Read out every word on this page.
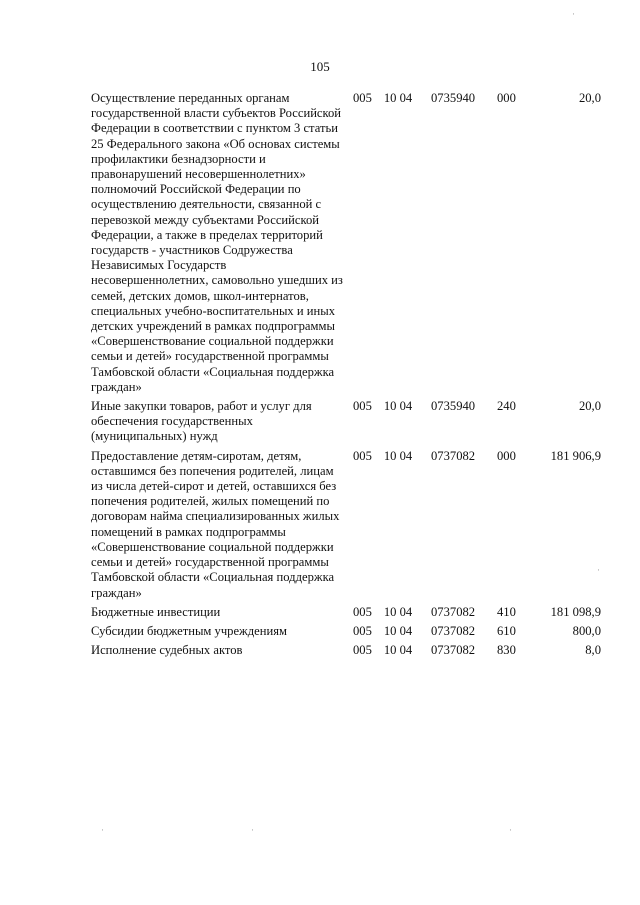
105
Осуществление переданных органам государственной власти субъектов Российской Федерации в соответствии с пунктом 3 статьи 25 Федерального закона «Об основах системы профилактики безнадзорности и правонарушений несовершеннолетних» полномочий Российской Федерации по осуществлению деятельности, связанной с перевозкой между субъектами Российской Федерации, а также в пределах территорий государств - участников Содружества Независимых Государств несовершеннолетних, самовольно ушедших из семей, детских домов, школ-интернатов, специальных учебно-воспитательных и иных детских учреждений в рамках подпрограммы «Совершенствование социальной поддержки семьи и детей» государственной программы Тамбовской области «Социальная поддержка граждан»	005	10 04	0735940	000	20,0
Иные закупки товаров, работ и услуг для обеспечения государственных (муниципальных) нужд	005	10 04	0735940	240	20,0
Предоставление детям-сиротам, детям, оставшимся без попечения родителей, лицам из числа детей-сирот и детей, оставшихся без попечения родителей, жилых помещений по договорам найма специализированных жилых помещений в рамках подпрограммы «Совершенствование социальной поддержки семьи и детей» государственной программы Тамбовской области «Социальная поддержка граждан»	005	10 04	0737082	000	181 906,9
Бюджетные инвестиции	005	10 04	0737082	410	181 098,9
Субсидии бюджетным учреждениям	005	10 04	0737082	610	800,0
Исполнение судебных актов	005	10 04	0737082	830	8,0
·
·
·	·	·
